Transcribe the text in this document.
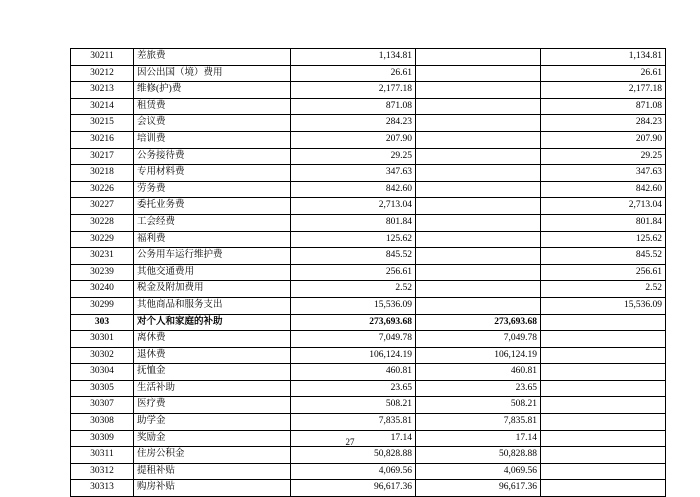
30211	差旅费	1,134.81		1,134.81
30212	因公出国（境）费用	26.61		26.61
30213	维修(护)费	2,177.18		2,177.18
30214	租赁费	871.08		871.08
30215	会议费	284.23		284.23
30216	培训费	207.90		207.90
30217	公务接待费	29.25		29.25
30218	专用材料费	347.63		347.63
30226	劳务费	842.60		842.60
30227	委托业务费	2,713.04		2,713.04
30228	工会经费	801.84		801.84
30229	福利费	125.62		125.62
30231	公务用车运行维护费	845.52		845.52
30239	其他交通费用	256.61		256.61
30240	税金及附加费用	2.52		2.52
30299	其他商品和服务支出	15,536.09		15,536.09
303	对个人和家庭的补助	273,693.68	273,693.68	
30301	离休费	7,049.78	7,049.78	
30302	退休费	106,124.19	106,124.19	
30304	抚恤金	460.81	460.81	
30305	生活补助	23.65	23.65	
30307	医疗费	508.21	508.21	
30308	助学金	7,835.81	7,835.81	
30309	奖励金	17.14	17.14	
30311	住房公积金	50,828.88	50,828.88	
30312	提租补贴	4,069.56	4,069.56	
30313	购房补贴	96,617.36	96,617.36	
27
